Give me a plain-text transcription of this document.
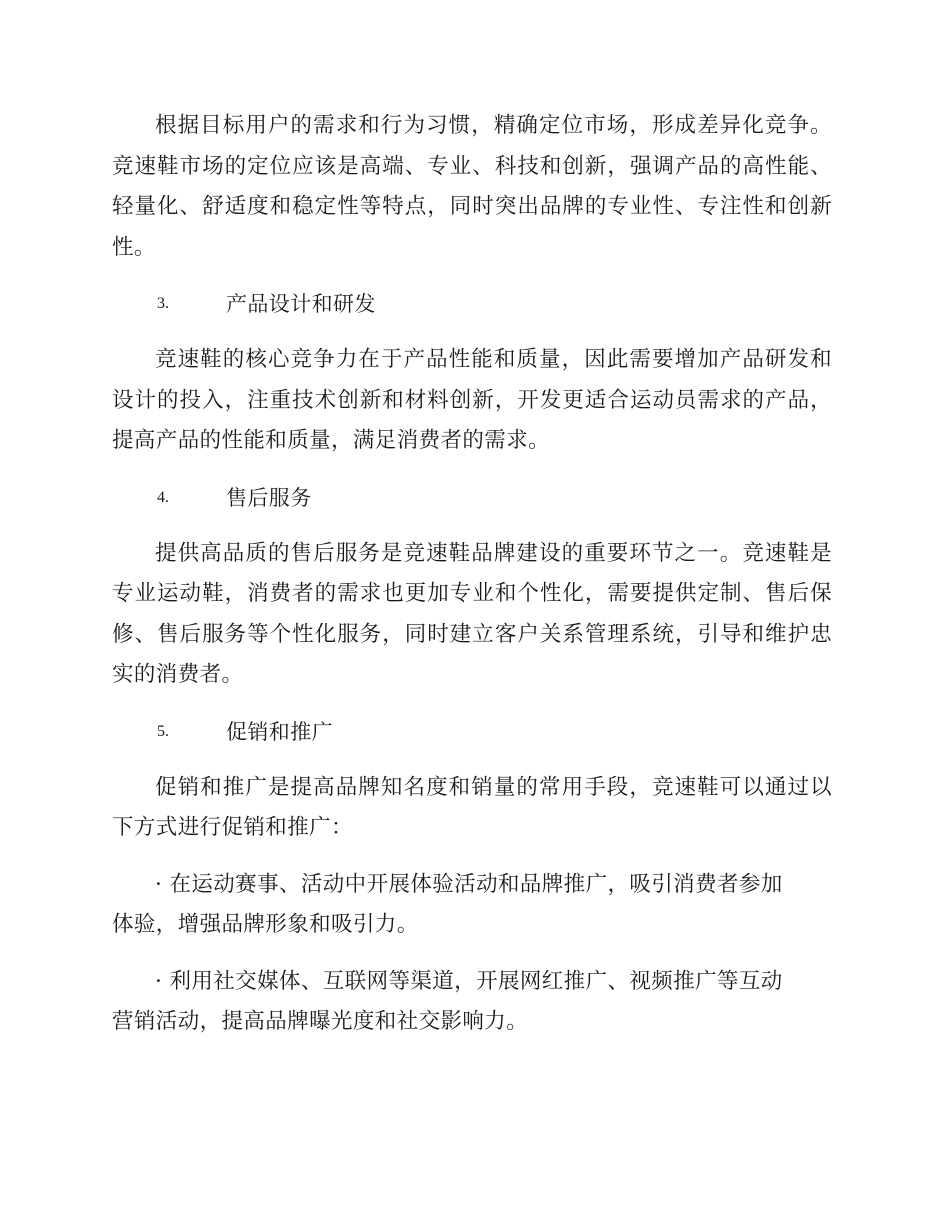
根据目标用户的需求和行为习惯，精确定位市场，形成差异化竞争。竞速鞋市场的定位应该是高端、专业、科技和创新，强调产品的高性能、轻量化、舒适度和稳定性等特点，同时突出品牌的专业性、专注性和创新性。

3.	产品设计和研发

竞速鞋的核心竞争力在于产品性能和质量，因此需要增加产品研发和设计的投入，注重技术创新和材料创新，开发更适合运动员需求的产品，提高产品的性能和质量，满足消费者的需求。

4.	售后服务

提供高品质的售后服务是竞速鞋品牌建设的重要环节之一。竞速鞋是专业运动鞋，消费者的需求也更加专业和个性化，需要提供定制、售后保修、售后服务等个性化服务，同时建立客户关系管理系统，引导和维护忠实的消费者。

5.	促销和推广

促销和推广是提高品牌知名度和销量的常用手段，竞速鞋可以通过以下方式进行促销和推广：

· 在运动赛事、活动中开展体验活动和品牌推广，吸引消费者参加体验，增强品牌形象和吸引力。

· 利用社交媒体、互联网等渠道，开展网红推广、视频推广等互动营销活动，提高品牌曝光度和社交影响力。
